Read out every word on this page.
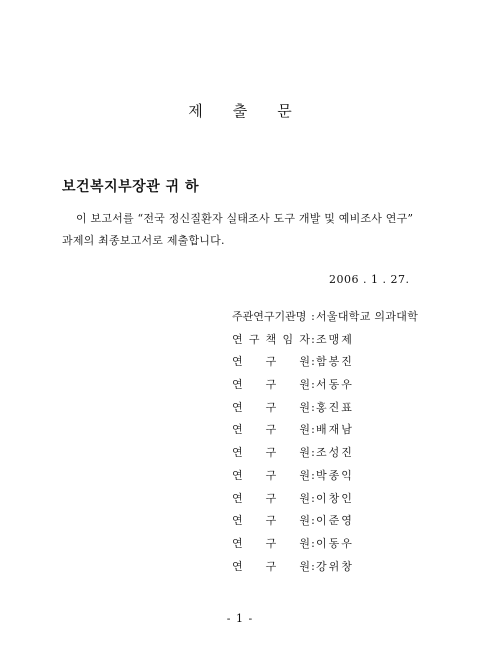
제 출 문
보건복지부장관 귀 하
이 보고서를 “전국 정신질환자 실태조사 도구 개발 및 예비조사 연구”
과제의 최종보고서로 제출합니다.
2006 . 1 . 27.
주관연구기관명 : 서울대학교 의과대학
연 구 책 임 자 : 조맹제
연 구 원 : 함봉진
연 구 원 : 서동우
연 구 원 : 홍진표
연 구 원 : 배재남
연 구 원 : 조성진
연 구 원 : 박종익
연 구 원 : 이창인
연 구 원 : 이준영
연 구 원 : 이동우
연 구 원 : 강위창
- 1 -
